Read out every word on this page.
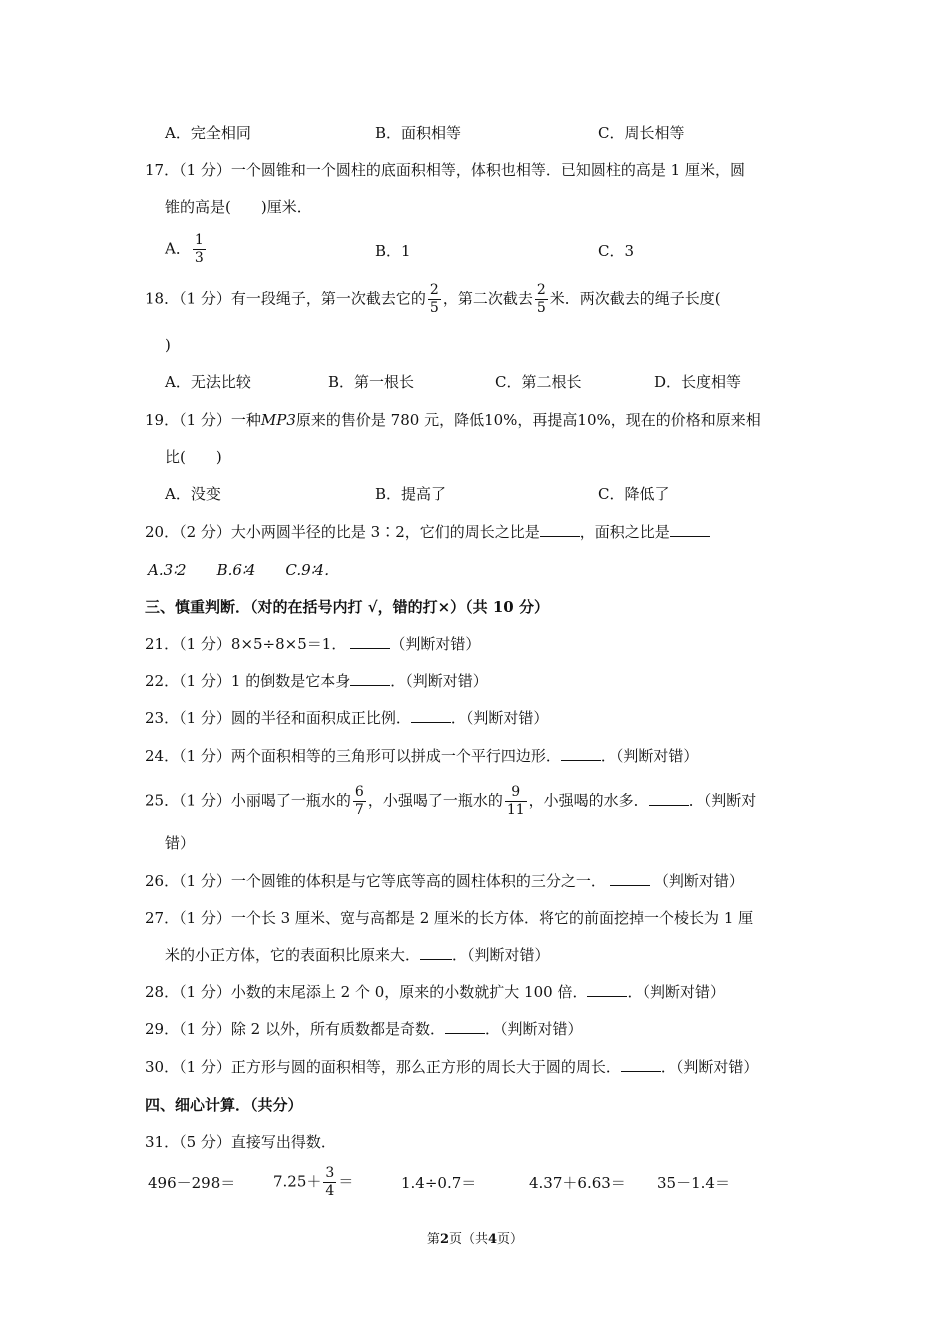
A．完全相同	B．面积相等	C．周长相等
17．（1 分）一个圆锥和一个圆柱的底面积相等，体积也相等．已知圆柱的高是 1 厘米，圆
锥的高是(　　)厘米．
A． $\frac{1}{3}$	B．1	C．3
18．（1 分）有一段绳子，第一次截去它的 $\frac{2}{5}$ ，第二次截去 $\frac{2}{5}$ 米．两次截去的绳子长度(
)
A．无法比较	B．第一根长	C．第二根长	D．长度相等
19．（1 分）一种MP3原来的售价是 780 元，降低10%，再提高10%，现在的价格和原来相
比(　　)
A．没变	B．提高了	C．降低了
20．（2 分）大小两圆半径的比是 3∶2，它们的周长之比是	，面积之比是
A.3∶2　　B.6∶4　　C.9∶4．
三、慎重判断．（对的在括号内打 √，错的打×）（共 10 分）
21．（1 分）8×5÷8×5＝1．	（判断对错）
22．（1 分）1 的倒数是它本身	．（判断对错）
23．（1 分）圆的半径和面积成正比例．	．（判断对错）
24．（1 分）两个面积相等的三角形可以拼成一个平行四边形．	．（判断对错）
25．（1 分）小丽喝了一瓶水的 $\frac{6}{7}$ ，小强喝了一瓶水的 $\frac{9}{11}$ ，小强喝的水多．	．（判断对
错）
26．（1 分）一个圆锥的体积是与它等底等高的圆柱体积的三分之一．	（判断对错）
27．（1 分）一个长 3 厘米、宽与高都是 2 厘米的长方体．将它的前面挖掉一个棱长为 1 厘
米的小正方体，它的表面积比原来大． ．（判断对错）
28．（1 分）小数的末尾添上 2 个 0，原来的小数就扩大 100 倍．	．（判断对错）
29．（1 分）除 2 以外，所有质数都是奇数．	．（判断对错）
30．（1 分）正方形与圆的面积相等，那么正方形的周长大于圆的周长．	．（判断对错）
四、细心计算．（共分）
31．（5 分）直接写出得数．
496－298＝	$7.25+ \frac{3}{4}$ ＝	1.4÷0.7＝	4.37＋6.63＝ 35－1.4＝
第2页（共4页）
